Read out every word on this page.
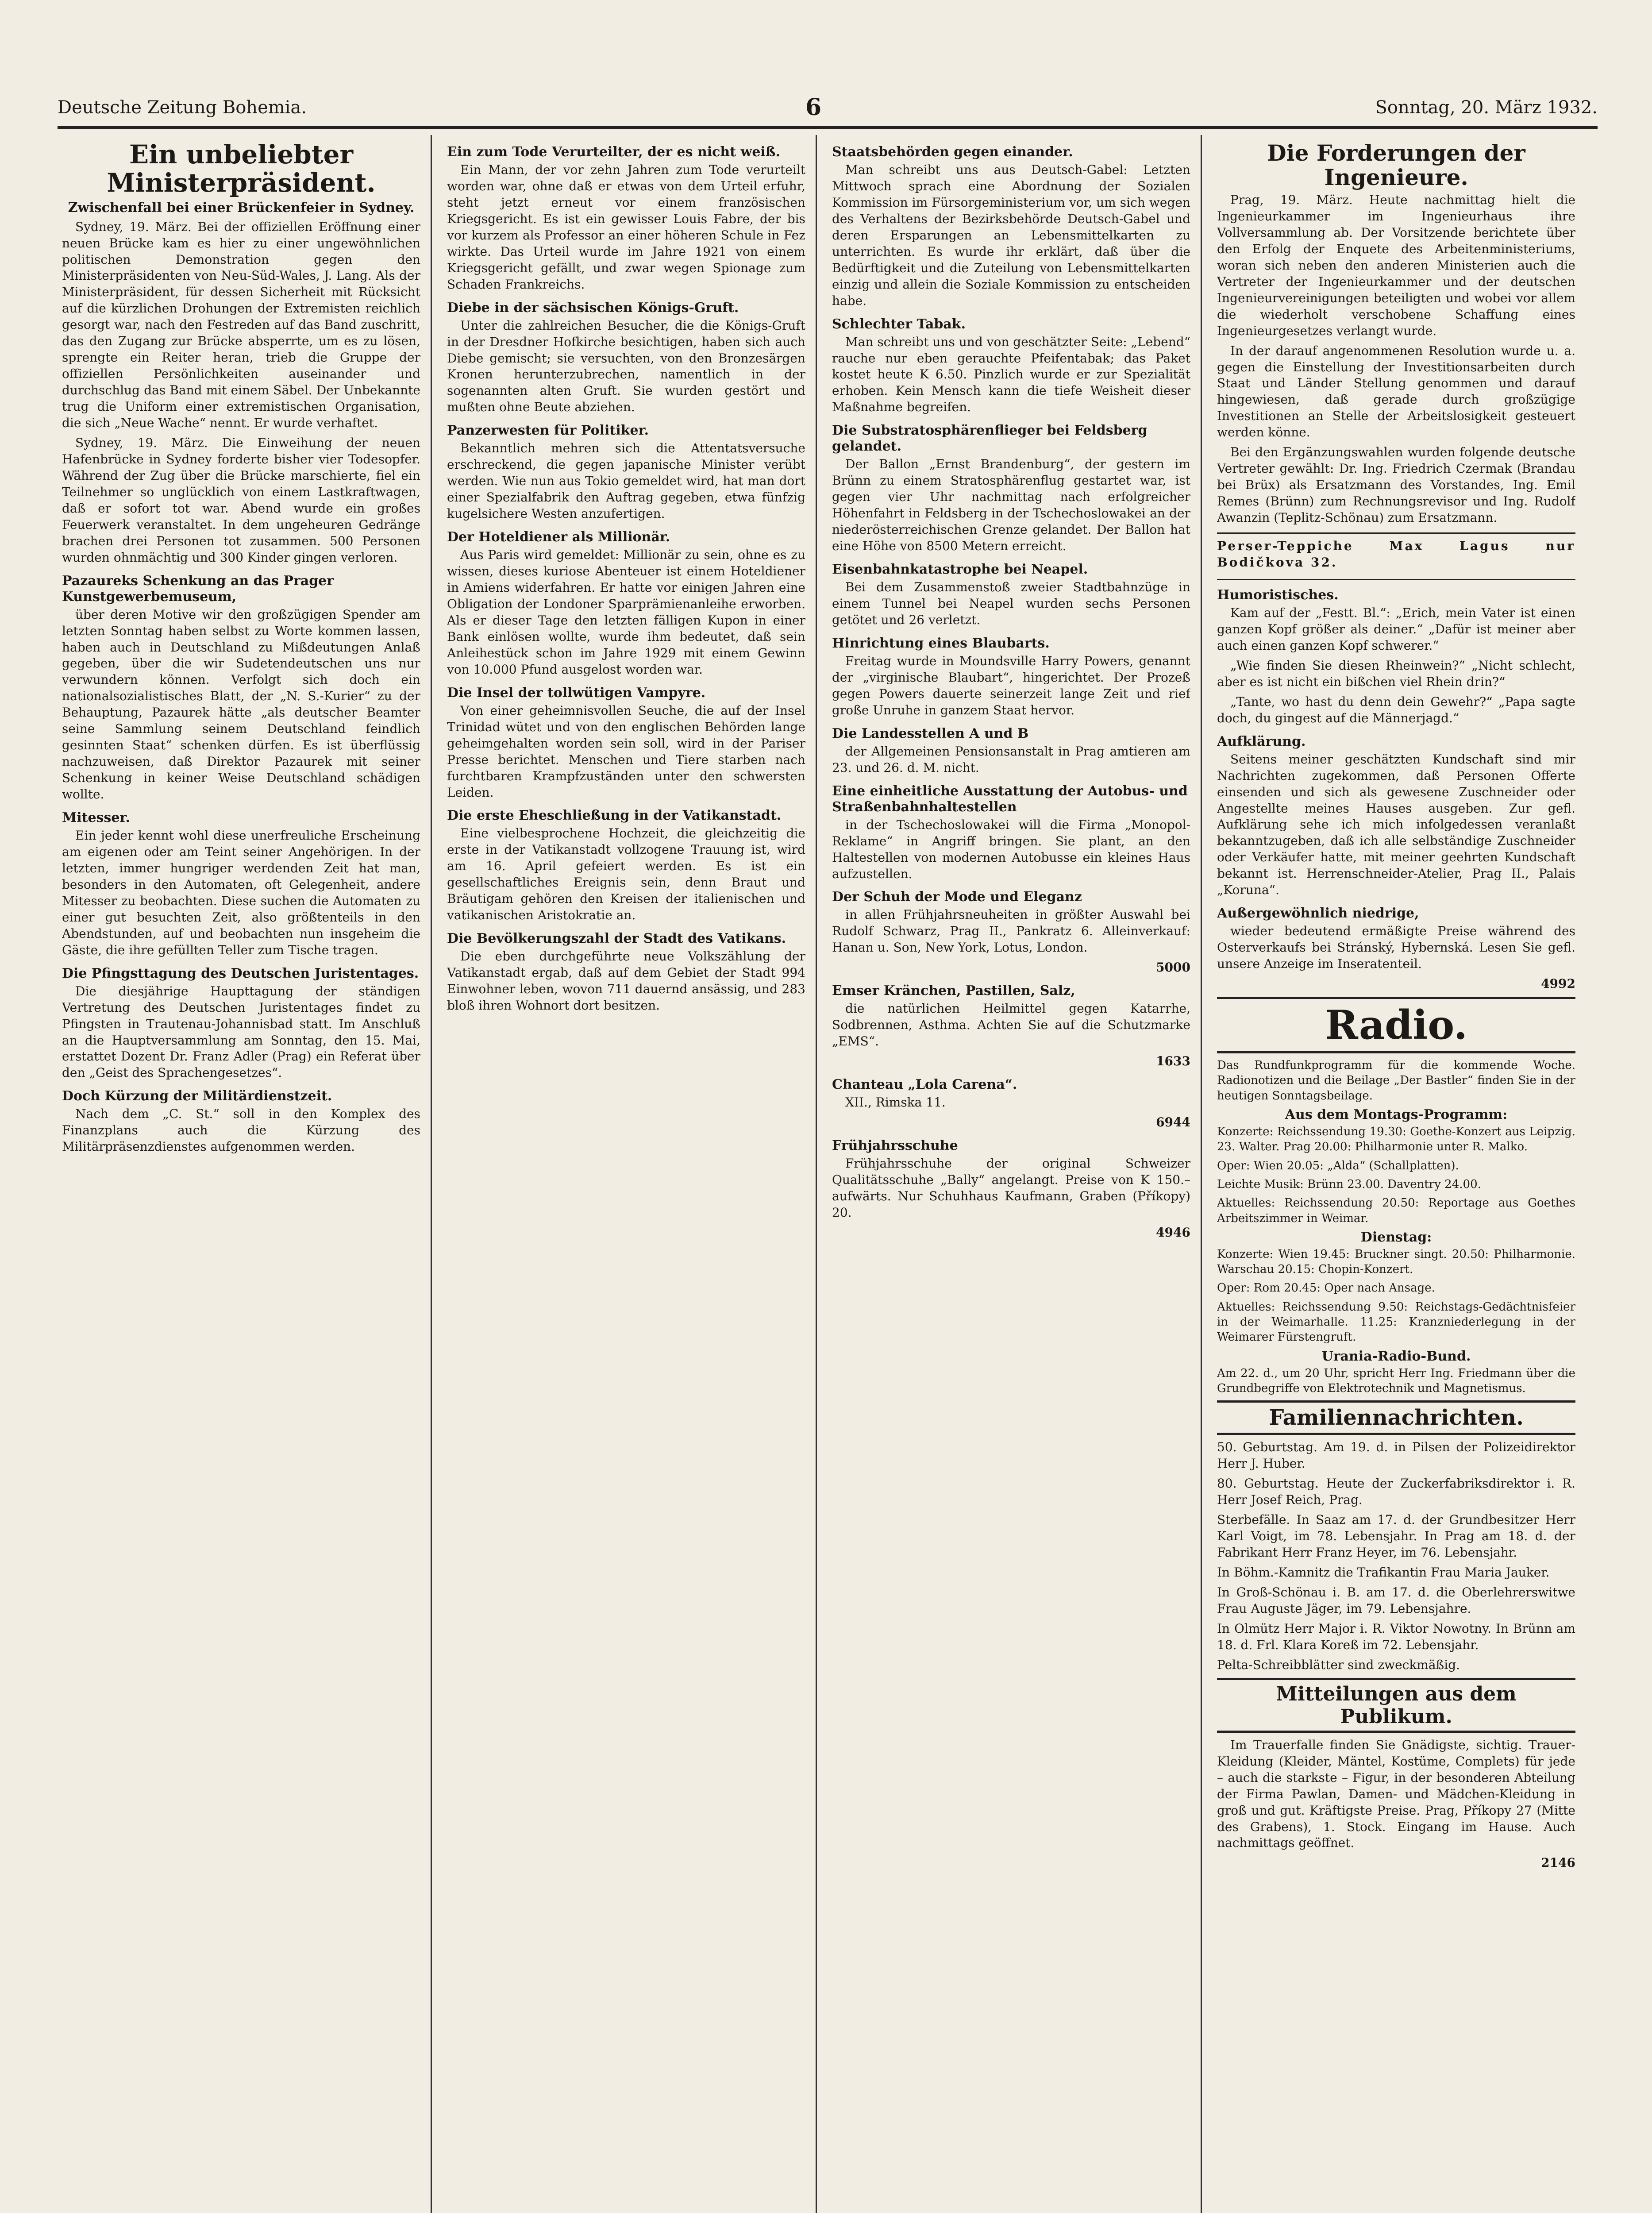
Deutsche Zeitung Bohemia.	6	Sonntag, 20. März 1932.
Ein unbeliebter Ministerpräsident.
Zwischenfall bei einer Brückenfeier in Sydney.

Sydney, 19. März. Bei der offiziellen Eröffnung einer neuen Brücke kam es hier zu einer ungewöhnlichen politischen Demonstration gegen den Ministerpräsidenten von Neu-Süd-Wales, J. Lang. Als der Ministerpräsident, für dessen Sicherheit mit Rücksicht auf die kürzlichen Drohungen der Extremisten reichlich gesorgt war, nach den Festreden auf das Band zuschritt, das den Zugang zur Brücke absperrte, um es zu lösen, sprengte ein Reiter heran, trieb die Gruppe der offiziellen Persönlichkeiten auseinander und durchschlug das Band mit einem Säbel. Der Unbekannte trug die Uniform einer extremistischen Organisation, die sich „Neue Wache“ nennt. Er wurde verhaftet.

Sydney, 19. März. Die Einweihung der neuen Hafenbrücke in Sydney forderte bisher vier Todesopfer. Während der Zug über die Brücke marschierte, fiel ein Teilnehmer so unglücklich von einem Lastkraftwagen, daß er sofort tot war. Abend wurde ein großes Feuerwerk veranstaltet. In dem ungeheuren Gedränge brachen drei Personen tot zusammen. 500 Personen wurden ohnmächtig und 300 Kinder gingen verloren.

Pazaureks Schenkung an das Prager Kunstgewerbemuseum,

über deren Motive wir den großzügigen Spender am letzten Sonntag haben selbst zu Worte kommen lassen, haben auch in Deutschland zu Mißdeutungen Anlaß gegeben, über die wir Sudetendeutschen uns nur verwundern können. Verfolgt sich doch ein nationalsozialistisches Blatt, der „N. S.-Kurier“ zu der Behauptung, Pazaurek hätte „als deutscher Beamter seine Sammlung seinem Deutschland feindlich gesinnten Staat“ schenken dürfen. Es ist überflüssig nachzuweisen, daß Direktor Pazaurek mit seiner Schenkung in keiner Weise Deutschland schädigen wollte.

Mitesser.

Ein jeder kennt wohl diese unerfreuliche Erscheinung am eigenen oder am Teint seiner Angehörigen. In der letzten, immer hungriger werdenden Zeit hat man, besonders in den Automaten, oft Gelegenheit, andere Mitesser zu beobachten. Diese suchen die Automaten zu einer gut besuchten Zeit, also größtenteils in den Abendstunden, auf und beobachten nun insgeheim die Gäste, die ihre gefüllten Teller zum Tische tragen.

Die Pfingsttagung des Deutschen Juristentages.

Die diesjährige Haupttagung der ständigen Vertretung des Deutschen Juristentages findet zu Pfingsten in Trautenau-Johannisbad statt. Im Anschluß an die Hauptversammlung am Sonntag, den 15. Mai, erstattet Dozent Dr. Franz Adler (Prag) ein Referat über den „Geist des Sprachengesetzes“.

Doch Kürzung der Militärdienstzeit.

Nach dem „C. St.“ soll in den Komplex des Finanzplans auch die Kürzung des Militärpräsenzdienstes aufgenommen werden.

Ein zum Tode Verurteilter, der es nicht weiß.

Ein Mann, der vor zehn Jahren zum Tode verurteilt worden war, ohne daß er etwas von dem Urteil erfuhr, steht jetzt erneut vor einem französischen Kriegsgericht. Es ist ein gewisser Louis Fabre, der bis vor kurzem als Professor an einer höheren Schule in Fez wirkte. Das Urteil wurde im Jahre 1921 von einem Kriegsgericht gefällt, und zwar wegen Spionage zum Schaden Frankreichs.

Diebe in der sächsischen Königs-Gruft.

Unter die zahlreichen Besucher, die die Königs-Gruft in der Dresdner Hofkirche besichtigen, haben sich auch Diebe gemischt; sie versuchten, von den Bronzesärgen Kronen herunterzubrechen, namentlich in der sogenannten alten Gruft. Sie wurden gestört und mußten ohne Beute abziehen.

Panzerwesten für Politiker.

Bekanntlich mehren sich die Attentatsversuche erschreckend, die gegen japanische Minister verübt werden. Wie nun aus Tokio gemeldet wird, hat man dort einer Spezialfabrik den Auftrag gegeben, etwa fünfzig kugelsichere Westen anzufertigen.

Der Hoteldiener als Millionär.

Aus Paris wird gemeldet: Millionär zu sein, ohne es zu wissen, dieses kuriose Abenteuer ist einem Hoteldiener in Amiens widerfahren. Er hatte vor einigen Jahren eine Obligation der Londoner Sparprämienanleihe erworben. Als er dieser Tage den letzten fälligen Kupon in einer Bank einlösen wollte, wurde ihm bedeutet, daß sein Anleihestück schon im Jahre 1929 mit einem Gewinn von 10.000 Pfund ausgelost worden war.

Die Insel der tollwütigen Vampyre.

Von einer geheimnisvollen Seuche, die auf der Insel Trinidad wütet und von den englischen Behörden lange geheimgehalten worden sein soll, wird in der Pariser Presse berichtet. Menschen und Tiere starben nach furchtbaren Krampfzuständen unter den schwersten Leiden.

Die erste Eheschließung in der Vatikanstadt.

Eine vielbesprochene Hochzeit, die gleichzeitig die erste in der Vatikanstadt vollzogene Trauung ist, wird am 16. April gefeiert werden. Es ist ein gesellschaftliches Ereignis sein, denn Braut und Bräutigam gehören den Kreisen der italienischen und vatikanischen Aristokratie an.

Die Bevölkerungszahl der Stadt des Vatikans.

Die eben durchgeführte neue Volkszählung der Vatikanstadt ergab, daß auf dem Gebiet der Stadt 994 Einwohner leben, wovon 711 dauernd ansässig, und 283 bloß ihren Wohnort dort besitzen.

Staatsbehörden gegen einander.

Man schreibt uns aus Deutsch-Gabel: Letzten Mittwoch sprach eine Abordnung der Sozialen Kommission im Fürsorgeministerium vor, um sich wegen des Verhaltens der Bezirksbehörde Deutsch-Gabel und deren Ersparungen an Lebensmittelkarten zu unterrichten. Es wurde ihr erklärt, daß über die Bedürftigkeit und die Zuteilung von Lebensmittelkarten einzig und allein die Soziale Kommission zu entscheiden habe.

Schlechter Tabak.

Man schreibt uns und von geschätzter Seite: „Lebend“ rauche nur eben gerauchte Pfeifentabak; das Paket kostet heute K 6.50. Pinzlich wurde er zur Spezialität erhoben. Kein Mensch kann die tiefe Weisheit dieser Maßnahme begreifen.

Die Substratosphärenflieger bei Feldsberg gelandet.

Der Ballon „Ernst Brandenburg“, der gestern im Brünn zu einem Stratosphärenflug gestartet war, ist gegen vier Uhr nachmittag nach erfolgreicher Höhenfahrt in Feldsberg in der Tschechoslowakei an der niederösterreichischen Grenze gelandet. Der Ballon hat eine Höhe von 8500 Metern erreicht.

Eisenbahnkatastrophe bei Neapel.

Bei dem Zusammenstoß zweier Stadtbahnzüge in einem Tunnel bei Neapel wurden sechs Personen getötet und 26 verletzt.

Hinrichtung eines Blaubarts.

Freitag wurde in Moundsville Harry Powers, genannt der „virginische Blaubart“, hingerichtet. Der Prozeß gegen Powers dauerte seinerzeit lange Zeit und rief große Unruhe in ganzem Staat hervor.

Die Landesstellen A und B

der Allgemeinen Pensionsanstalt in Prag amtieren am 23. und 26. d. M. nicht.

Eine einheitliche Ausstattung der Autobus- und Straßenbahnhaltestellen

in der Tschechoslowakei will die Firma „Monopol-Reklame“ in Angriff bringen. Sie plant, an den Haltestellen von modernen Autobusse ein kleines Haus aufzustellen.

Der Schuh der Mode und Eleganz

in allen Frühjahrsneuheiten in größter Auswahl bei Rudolf Schwarz, Prag II., Pankratz 6. Alleinverkauf: Hanan u. Son, New York, Lotus, London.

5000

Emser Kränchen, Pastillen, Salz,

die natürlichen Heilmittel gegen Katarrhe, Sodbrennen, Asthma. Achten Sie auf die Schutzmarke „EMS“.

1633

Chanteau „Lola Carena“.

XII., Rimska 11.

6944

Frühjahrsschuhe

Frühjahrsschuhe der original Schweizer Qualitätsschuhe „Bally“ angelangt. Preise von K 150.– aufwärts. Nur Schuhhaus Kaufmann, Graben (Příkopy) 20.

4946

Die Forderungen der Ingenieure.

Prag, 19. März. Heute nachmittag hielt die Ingenieurkammer im Ingenieurhaus ihre Vollversammlung ab. Der Vorsitzende berichtete über den Erfolg der Enquete des Arbeitenministeriums, woran sich neben den anderen Ministerien auch die Vertreter der Ingenieurkammer und der deutschen Ingenieurvereinigungen beteiligten und wobei vor allem die wiederholt verschobene Schaffung eines Ingenieurgesetzes verlangt wurde.

In der darauf angenommenen Resolution wurde u. a. gegen die Einstellung der Investitionsarbeiten durch Staat und Länder Stellung genommen und darauf hingewiesen, daß gerade durch großzügige Investitionen an Stelle der Arbeitslosigkeit gesteuert werden könne.

Bei den Ergänzungswahlen wurden folgende deutsche Vertreter gewählt: Dr. Ing. Friedrich Czermak (Brandau bei Brüx) als Ersatzmann des Vorstandes, Ing. Emil Remes (Brünn) zum Rechnungsrevisor und Ing. Rudolf Awanzin (Teplitz-Schönau) zum Ersatzmann.

Perser-Teppiche Max Lagus nur Bodičkova 32.

Humoristisches.

Kam auf der „Festt. Bl.“: „Erich, mein Vater ist einen ganzen Kopf größer als deiner.“ „Dafür ist meiner aber auch einen ganzen Kopf schwerer.“

„Wie finden Sie diesen Rheinwein?“ „Nicht schlecht, aber es ist nicht ein bißchen viel Rhein drin?“

„Tante, wo hast du denn dein Gewehr?“ „Papa sagte doch, du gingest auf die Männerjagd.“

Aufklärung.

Seitens meiner geschätzten Kundschaft sind mir Nachrichten zugekommen, daß Personen Offerte einsenden und sich als gewesene Zuschneider oder Angestellte meines Hauses ausgeben. Zur gefl. Aufklärung sehe ich mich infolgedessen veranlaßt bekanntzugeben, daß ich alle selbständige Zuschneider oder Verkäufer hatte, mit meiner geehrten Kundschaft bekannt ist. Herrenschneider-Atelier, Prag II., Palais „Koruna“.

Außergewöhnlich niedrige,

wieder bedeutend ermäßigte Preise während des Osterverkaufs bei Stránský, Hybernská. Lesen Sie gefl. unsere Anzeige im Inseratenteil.

4992

Radio.

Das Rundfunkprogramm für die kommende Woche. Radionotizen und die Beilage „Der Bastler“ finden Sie in der heutigen Sonntagsbeilage.

Aus dem Montags-Programm:

Konzerte: Reichssendung 19.30: Goethe-Konzert aus Leipzig. 23. Walter. Prag 20.00: Philharmonie unter R. Malko.

Oper: Wien 20.05: „Alda“ (Schallplatten).

Leichte Musik: Brünn 23.00. Daventry 24.00.

Aktuelles: Reichssendung 20.50: Reportage aus Goethes Arbeitszimmer in Weimar.

Dienstag:

Konzerte: Wien 19.45: Bruckner singt. 20.50: Philharmonie. Warschau 20.15: Chopin-Konzert.

Oper: Rom 20.45: Oper nach Ansage.

Aktuelles: Reichssendung 9.50: Reichstags-Gedächtnisfeier in der Weimarhalle. 11.25: Kranzniederlegung in der Weimarer Fürstengruft.

Urania-Radio-Bund.

Am 22. d., um 20 Uhr, spricht Herr Ing. Friedmann über die Grundbegriffe von Elektrotechnik und Magnetismus.

Familiennachrichten.

50. Geburtstag. Am 19. d. in Pilsen der Polizeidirektor Herr J. Huber.

80. Geburtstag. Heute der Zuckerfabriksdirektor i. R. Herr Josef Reich, Prag.

Sterbefälle. In Saaz am 17. d. der Grundbesitzer Herr Karl Voigt, im 78. Lebensjahr. In Prag am 18. d. der Fabrikant Herr Franz Heyer, im 76. Lebensjahr.

In Böhm.-Kamnitz die Trafikantin Frau Maria Jauker.

In Groß-Schönau i. B. am 17. d. die Oberlehrerswitwe Frau Auguste Jäger, im 79. Lebensjahre.

In Olmütz Herr Major i. R. Viktor Nowotny. In Brünn am 18. d. Frl. Klara Koreß im 72. Lebensjahr.

Pelta-Schreibblätter sind zweckmäßig.

Mitteilungen aus dem Publikum.

Im Trauerfalle finden Sie Gnädigste, sichtig. Trauer-Kleidung (Kleider, Mäntel, Kostüme, Complets) für jede – auch die starkste – Figur, in der besonderen Abteilung der Firma Pawlan, Damen- und Mädchen-Kleidung in groß und gut. Kräftigste Preise. Prag, Příkopy 27 (Mitte des Grabens), 1. Stock. Eingang im Hause. Auch nachmittags geöffnet.

2146
